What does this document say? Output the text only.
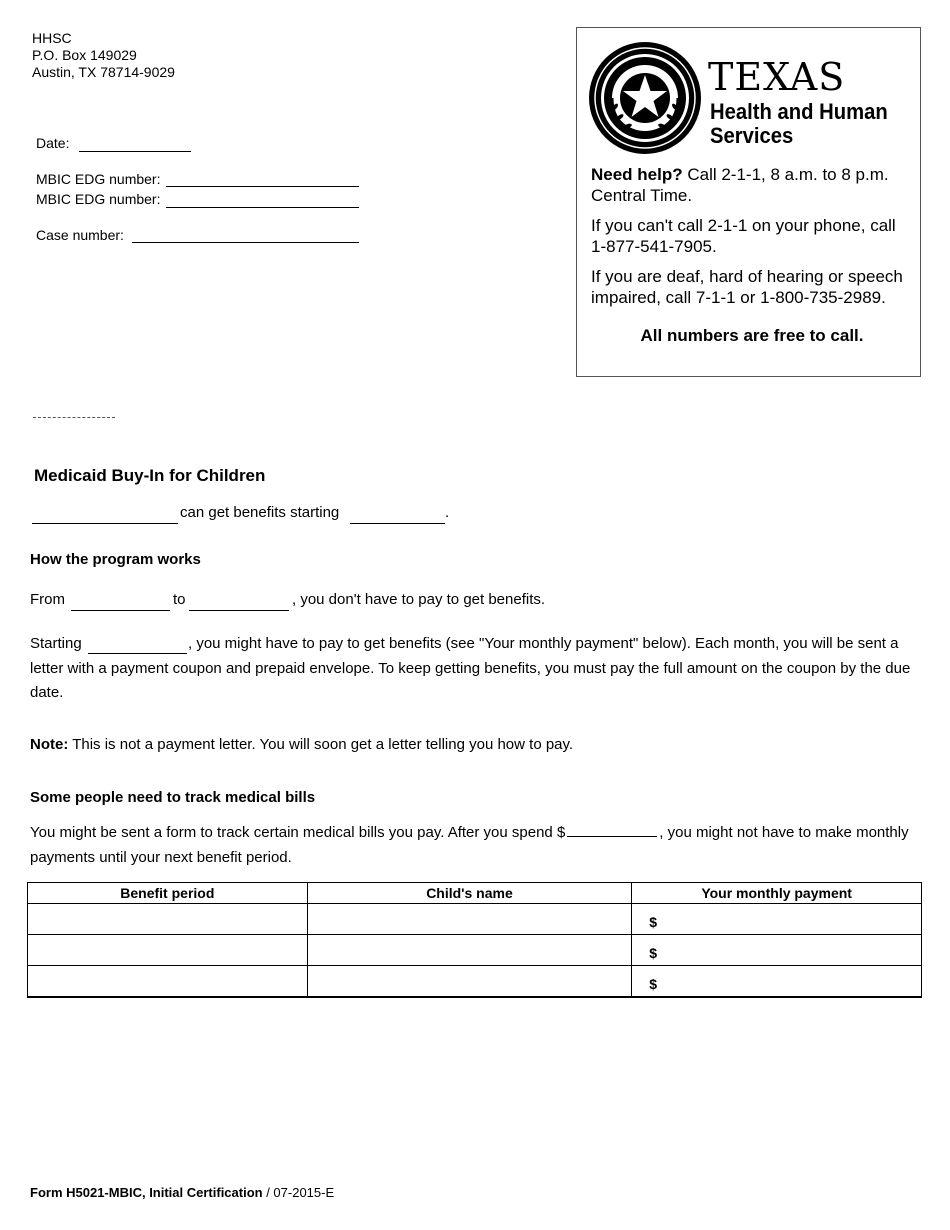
HHSC
P.O. Box 149029
Austin, TX 78714-9029
Date:
MBIC EDG number:
MBIC EDG number:
Case number:
TEXAS
Health and Human
Services

Need help? Call 2-1-1, 8 a.m. to 8 p.m. Central Time.

If you can't call 2-1-1 on your phone, call 1-877-541-7905.

If you are deaf, hard of hearing or speech impaired, call 7-1-1 or 1-800-735-2989.

All numbers are free to call.

Medicaid Buy-In for Children
can get benefits starting	.
How the program works
From	to	, you don't have to pay to get benefits.
, you might have to pay to get benefits (see "Your monthly payment" below). Each month, you will be sent a letter with a payment coupon and prepaid envelope. To keep getting benefits, you must pay the full amount on the coupon by the due date.
Starting
Note: This is not a payment letter. You will soon get a letter telling you how to pay.
Some people need to track medical bills
You might be sent a form to track certain medical bills you pay. After you spend $	, you might not have to make monthly payments until your next benefit period.
Benefit period	Child's name	Your monthly payment
		$
		$
		$
Form H5021-MBIC, Initial Certification / 07-2015-E
